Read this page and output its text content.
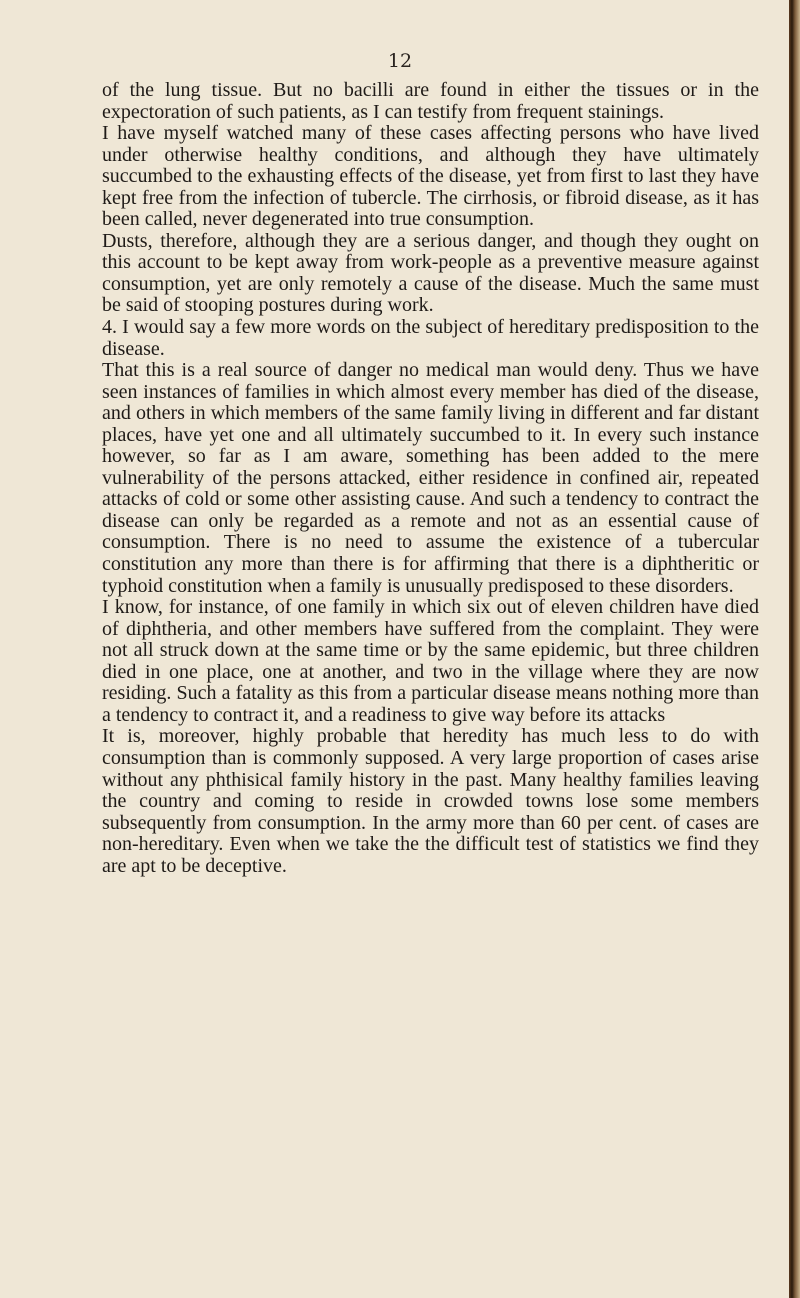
12

of the lung tissue. But no bacilli are found in either the tissues or in the expectoration of such patients, as I can testify from frequent stainings.

I have myself watched many of these cases affecting persons who have lived under otherwise healthy conditions, and although they have ultimately succumbed to the exhausting effects of the disease, yet from first to last they have kept free from the infection of tubercle. The cirrhosis, or fibroid disease, as it has been called, never degenerated into true consumption.

Dusts, therefore, although they are a serious danger, and though they ought on this account to be kept away from work-people as a preventive measure against consumption, yet are only remotely a cause of the disease. Much the same must be said of stooping postures during work.

4. I would say a few more words on the subject of hereditary predisposition to the disease.

That this is a real source of danger no medical man would deny. Thus we have seen instances of families in which almost every member has died of the disease, and others in which members of the same family living in different and far distant places, have yet one and all ultimately succumbed to it. In every such instance however, so far as I am aware, something has been added to the mere vulnerability of the persons attacked, either residence in confined air, repeated attacks of cold or some other assisting cause. And such a tendency to contract the disease can only be regarded as a remote and not as an essential cause of consumption. There is no need to assume the existence of a tubercular constitution any more than there is for affirming that there is a diphtheritic or typhoid constitution when a family is unusually predisposed to these disorders.

I know, for instance, of one family in which six out of eleven children have died of diphtheria, and other members have suffered from the complaint. They were not all struck down at the same time or by the same epidemic, but three children died in one place, one at another, and two in the village where they are now residing. Such a fatality as this from a particular disease means nothing more than a tendency to contract it, and a readiness to give way before its attacks

It is, moreover, highly probable that heredity has much less to do with consumption than is commonly supposed. A very large proportion of cases arise without any phthisical family history in the past. Many healthy families leaving the country and coming to reside in crowded towns lose some members subsequently from consumption. In the army more than 60 per cent. of cases are non-hereditary. Even when we take the the difficult test of statistics we find they are apt to be deceptive.
